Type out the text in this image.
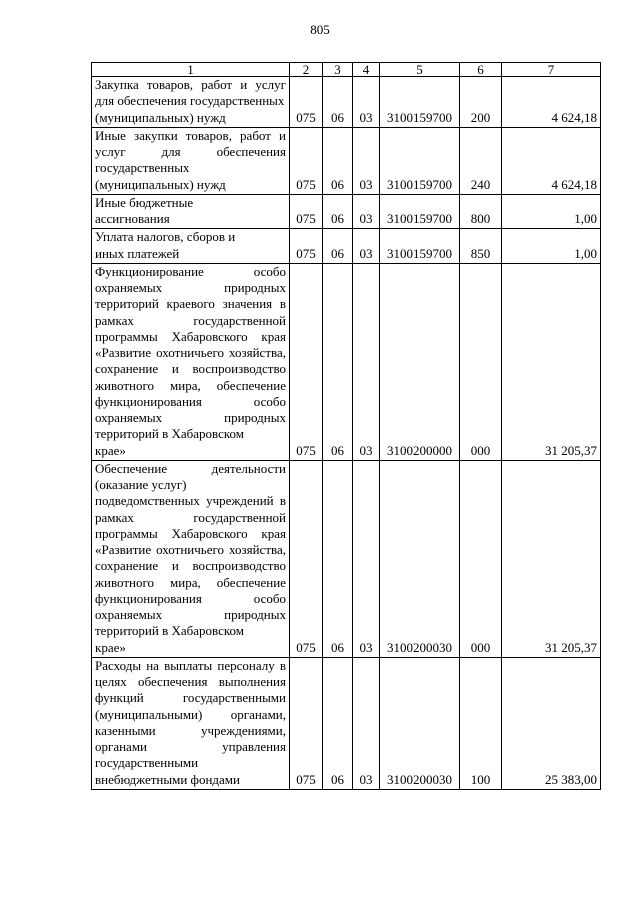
805
1	2	3	4	5	6	7
Закупка товаров, работ и услуг для обеспечения государственных
(муниципальных) нужд	075	06	03	3100159700	200	4 624,18
Иные закупки товаров, работ и услуг для обеспечения государственных
(муниципальных) нужд	075	06	03	3100159700	240	4 624,18
Иные бюджетные
ассигнования	075	06	03	3100159700	800	1,00
Уплата налогов, сборов и
иных платежей	075	06	03	3100159700	850	1,00
Функционирование особо охраняемых природных территорий краевого значения в рамках государственной программы Хабаровского края «Развитие охотничьего хозяйства, сохранение и воспроизводство животного мира, обеспечение функционирования особо охраняемых природных территорий в Хабаровском
крае»	075	06	03	3100200000	000	31 205,37
Обеспечение деятельности (оказание услуг)
подведомственных учреждений в рамках государственной программы Хабаровского края «Развитие охотничьего хозяйства, сохранение и воспроизводство животного мира, обеспечение функционирования особо охраняемых природных территорий в Хабаровском
крае»	075	06	03	3100200030	000	31 205,37
Расходы на выплаты персоналу в целях обеспечения выполнения функций государственными (муниципальными) органами, казенными учреждениями, органами управления государственными
внебюджетными фондами	075	06	03	3100200030	100	25 383,00
